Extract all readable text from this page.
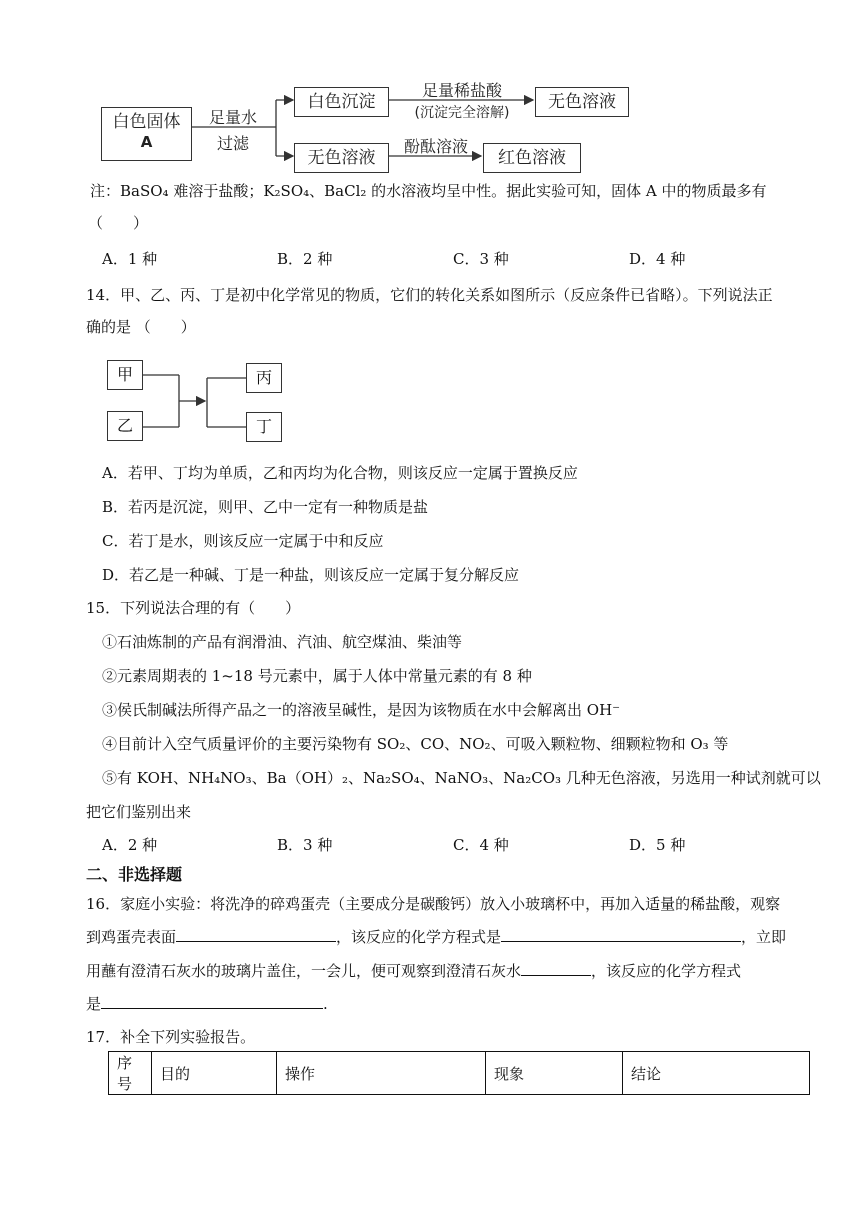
白色固体
A
足量水
过滤
白色沉淀
足量稀盐酸
(沉淀完全溶解)
无色溶液
无色溶液
酚酞溶液
红色溶液
注：BaSO₄ 难溶于盐酸；K₂SO₄、BaCl₂ 的水溶液均呈中性。据此实验可知，固体 A 中的物质最多有
（　　）
A．1 种	B．2 种	C．3 种	D．4 种
14．甲、乙、丙、丁是初中化学常见的物质，它们的转化关系如图所示（反应条件已省略）。下列说法正
确的是 （　　）
甲
乙
丙
丁
A．若甲、丁均为单质，乙和丙均为化合物，则该反应一定属于置换反应
B．若丙是沉淀，则甲、乙中一定有一种物质是盐
C．若丁是水，则该反应一定属于中和反应
D．若乙是一种碱、丁是一种盐，则该反应一定属于复分解反应
15．下列说法合理的有（　　）
①石油炼制的产品有润滑油、汽油、航空煤油、柴油等
②元素周期表的 1~18 号元素中，属于人体中常量元素的有 8 种
③侯氏制碱法所得产品之一的溶液呈碱性，是因为该物质在水中会解离出 OH⁻
④目前计入空气质量评价的主要污染物有 SO₂、CO、NO₂、可吸入颗粒物、细颗粒物和 O₃ 等
⑤有 KOH、NH₄NO₃、Ba（OH）₂、Na₂SO₄、NaNO₃、Na₂CO₃ 几种无色溶液，另选用一种试剂就可以
把它们鉴别出来
A．2 种	B．3 种	C．4 种	D．5 种
二、非选择题
16．家庭小实验：将洗净的碎鸡蛋壳（主要成分是碳酸钙）放入小玻璃杯中，再加入适量的稀盐酸，观察
到鸡蛋壳表面	，该反应的化学方程式是	，立即
用蘸有澄清石灰水的玻璃片盖住，一会儿，便可观察到澄清石灰水	，该反应的化学方程式
是	.
17．补全下列实验报告。
序号	目的	操作	现象	结论
